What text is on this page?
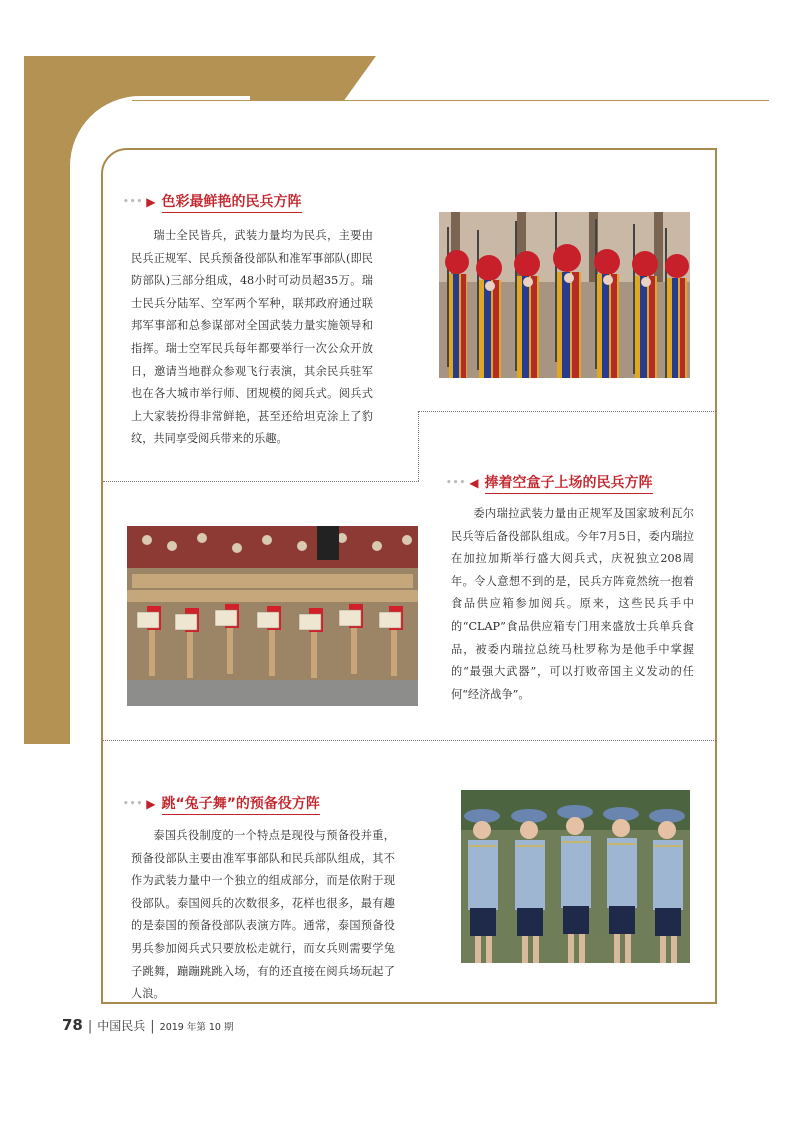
••• ▶ 色彩最鲜艳的民兵方阵

瑞士全民皆兵，武装力量均为民兵，主要由民兵正规军、民兵预备役部队和准军事部队(即民防部队)三部分组成，48小时可动员超35万。瑞士民兵分陆军、空军两个军种，联邦政府通过联邦军事部和总参谋部对全国武装力量实施领导和指挥。瑞士空军民兵每年都要举行一次公众开放日，邀请当地群众参观飞行表演，其余民兵驻军也在各大城市举行师、团规模的阅兵式。阅兵式上大家装扮得非常鲜艳，甚至还给坦克涂上了豹纹，共同享受阅兵带来的乐趣。

••• ◀ 捧着空盒子上场的民兵方阵

委内瑞拉武装力量由正规军及国家玻利瓦尔民兵等后备役部队组成。今年7月5日，委内瑞拉在加拉加斯举行盛大阅兵式，庆祝独立208周年。令人意想不到的是，民兵方阵竟然统一抱着食品供应箱参加阅兵。原来，这些民兵手中的“CLAP”食品供应箱专门用来盛放士兵单兵食品，被委内瑞拉总统马杜罗称为是他手中掌握的“最强大武器”，可以打败帝国主义发动的任何“经济战争”。

••• ▶ 跳“兔子舞”的预备役方阵

泰国兵役制度的一个特点是现役与预备役并重，预备役部队主要由准军事部队和民兵部队组成，其不作为武装力量中一个独立的组成部分，而是依附于现役部队。泰国阅兵的次数很多，花样也很多，最有趣的是泰国的预备役部队表演方阵。通常，泰国预备役男兵参加阅兵式只要放松走就行，而女兵则需要学兔子跳舞，蹦蹦跳跳入场，有的还直接在阅兵场玩起了人浪。

78 | 中国民兵 | 2019 年第 10 期
